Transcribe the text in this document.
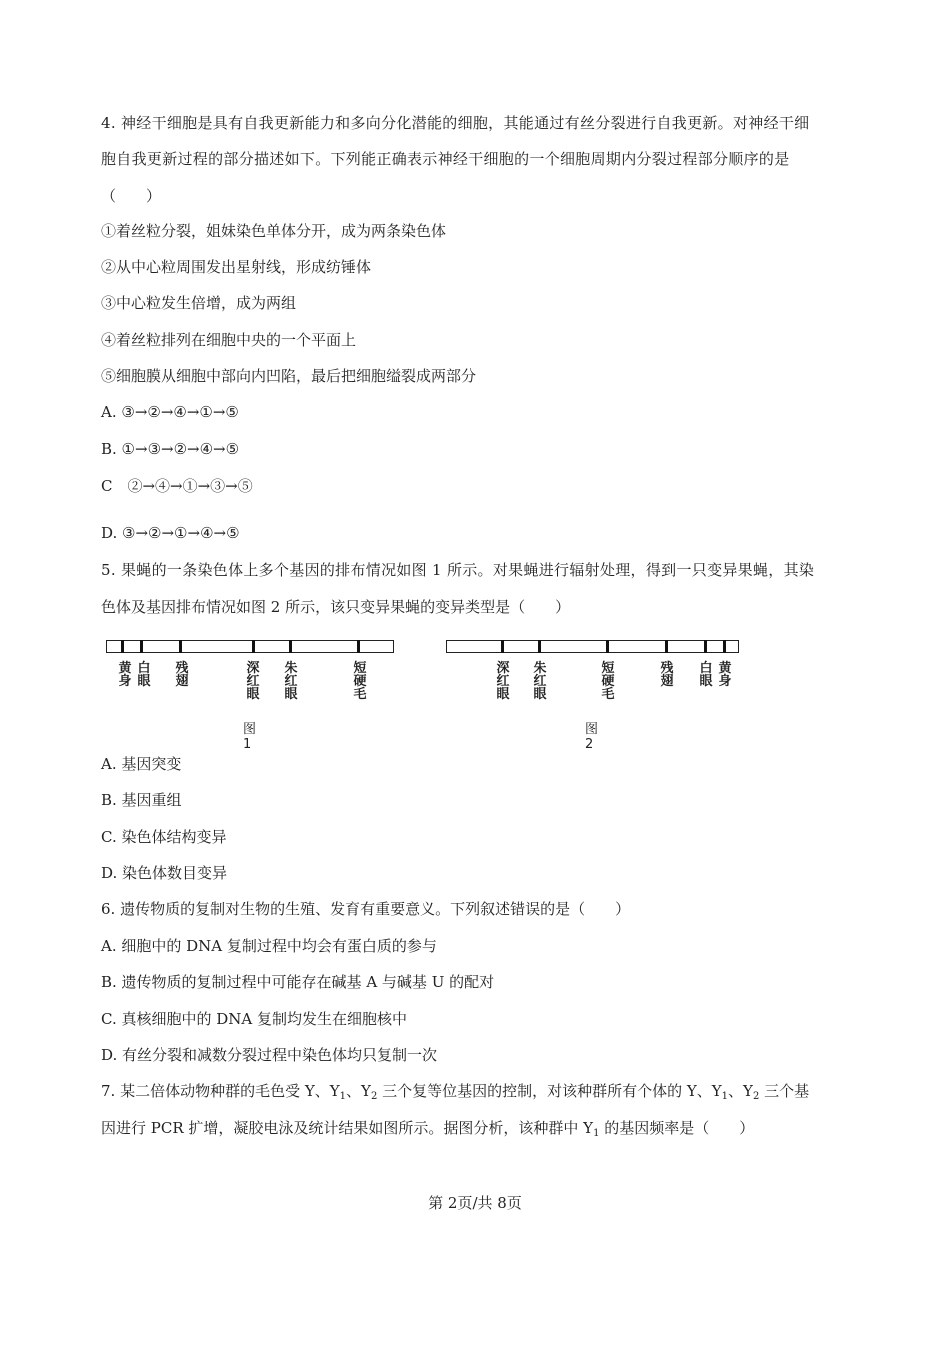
4. 神经干细胞是具有自我更新能力和多向分化潜能的细胞，其能通过有丝分裂进行自我更新。对神经干细
胞自我更新过程的部分描述如下。下列能正确表示神经干细胞的一个细胞周期内分裂过程部分顺序的是
（　　）
①着丝粒分裂，姐妹染色单体分开，成为两条染色体
②从中心粒周围发出星射线，形成纺锤体
③中心粒发生倍增，成为两组
④着丝粒排列在细胞中央的一个平面上
⑤细胞膜从细胞中部向内凹陷，最后把细胞缢裂成两部分
A. ③→②→④→①→⑤
B. ①→③→②→④→⑤
C　②→④→①→③→⑤
D. ③→②→①→④→⑤
5. 果蝇的一条染色体上多个基因的排布情况如图 1 所示。对果蝇进行辐射处理，得到一只变异果蝇，其染
色体及基因排布情况如图 2 所示，该只变异果蝇的变异类型是（　　）
黄身
白眼
残翅
深红眼
朱红眼
短硬毛
图1
深红眼
朱红眼
短硬毛
残翅
白眼
黄身
图2
A. 基因突变
B. 基因重组
C. 染色体结构变异
D. 染色体数目变异
6. 遗传物质的复制对生物的生殖、发育有重要意义。下列叙述错误的是（　　）
A. 细胞中的 DNA 复制过程中均会有蛋白质的参与
B. 遗传物质的复制过程中可能存在碱基 A 与碱基 U 的配对
C. 真核细胞中的 DNA 复制均发生在细胞核中
D. 有丝分裂和减数分裂过程中染色体均只复制一次
7. 某二倍体动物种群的毛色受 Y、$Y_1$、$Y_2$ 三个复等位基因的控制，对该种群所有个体的 Y、$Y_1$、$Y_2$ 三个基
因进行 PCR 扩增，凝胶电泳及统计结果如图所示。据图分析，该种群中 $Y_1$ 的基因频率是（　　）
第 2页/共 8页
